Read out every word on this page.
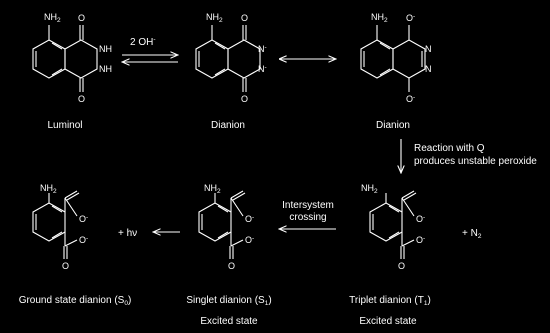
$NH_2$ O
O
NH
NH
Luminol
2 OH-
$NH_2$ O
O
N-
N-
Dianion
$NH_2$ O-
O-
N
N
Dianion
Reaction with Q
produces unstable peroxide
$NH_2$
O-
O-
O
+ $N_2$
Triplet dianion $(T_1)$
Excited state
Intersystem
crossing
$NH_2$
O-
O-
O
Singlet dianion $(S_1)$
Excited state
+ hν
$NH_2$
O-
O-
O
Ground state dianion $(S_0)$
